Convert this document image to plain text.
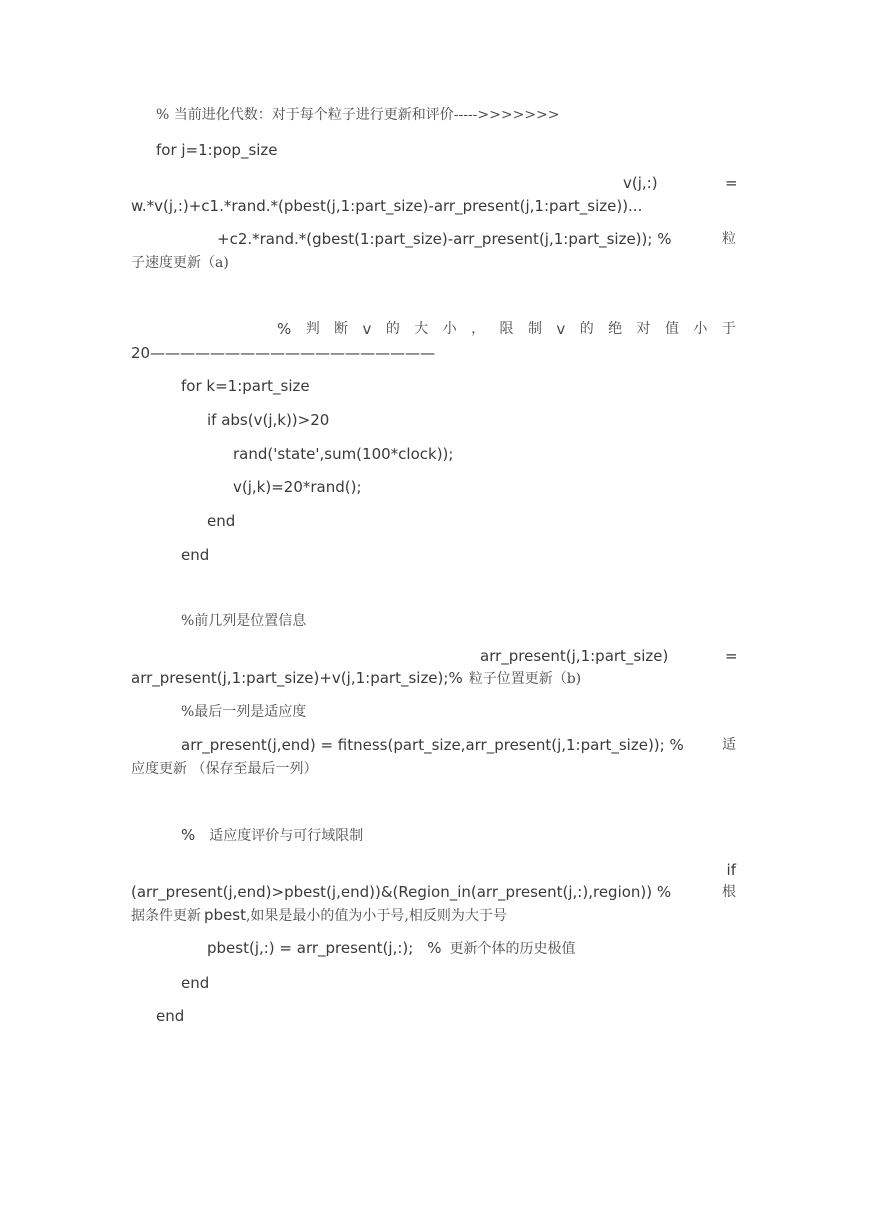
% 当前进化代数：对于每个粒子进行更新和评价----->>>>>>>
for j=1:pop_size
v(j,:)	=
w.*v(j,:)+c1.*rand.*(pbest(j,1:part_size)-arr_present(j,1:part_size))...
+c2.*rand.*(gbest(1:part_size)-arr_present(j,1:part_size)); %	粒
子速度更新（a)
% 判 断 v 的 大 小 ， 限 制 v 的 绝 对 值 小 于
20———————————————————
for k=1:part_size
if abs(v(j,k))>20
rand('state',sum(100*clock));
v(j,k)=20*rand();
end
end
%前几列是位置信息
arr_present(j,1:part_size)	=
arr_present(j,1:part_size)+v(j,1:part_size);% 粒子位置更新（b)
%最后一列是适应度
arr_present(j,end) = fitness(part_size,arr_present(j,1:part_size)); %	适
应度更新 （保存至最后一列）
% 适应度评价与可行域限制
if
(arr_present(j,end)>pbest(j,end))&(Region_in(arr_present(j,:),region)) %	根
据条件更新 pbest,如果是最小的值为小于号,相反则为大于号
pbest(j,:) = arr_present(j,:); % 更新个体的历史极值
end
end
